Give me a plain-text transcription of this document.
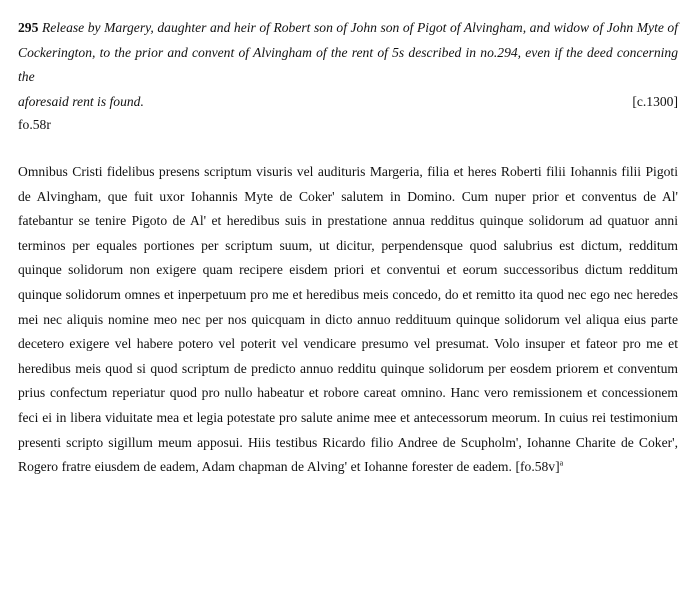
295 Release by Margery, daughter and heir of Robert son of John son of Pigot of Alvingham, and widow of John Myte of Cockerington, to the prior and convent of Alvingham of the rent of 5s described in no.294, even if the deed concerning the

aforesaid rent is found.	[c.1300]

fo.58r

Omnibus Cristi fidelibus presens scriptum visuris vel audituris Margeria, filia et heres Roberti filii Iohannis filii Pigoti de Alvingham, que fuit uxor Iohannis Myte de Coker' salutem in Domino. Cum nuper prior et conventus de Al' fatebantur se tenire Pigoto de Al' et heredibus suis in prestatione annua redditus quinque solidorum ad quatuor anni terminos per equales portiones per scriptum suum, ut dicitur, perpendensque quod salubrius est dictum, redditum quinque solidorum non exigere quam recipere eisdem priori et conventui et eorum successoribus dictum redditum quinque solidorum omnes et inperpetuum pro me et heredibus meis concedo, do et remitto ita quod nec ego nec heredes mei nec aliquis nomine meo nec per nos quicquam in dicto annuo reddituum quinque solidorum vel aliqua eius parte decetero exigere vel habere potero vel poterit vel vendicare presumo vel presumat. Volo insuper et fateor pro me et heredibus meis quod si quod scriptum de predicto annuo redditu quinque solidorum per eosdem priorem et conventum prius confectum reperiatur quod pro nullo habeatur et robore careat omnino. Hanc vero remissionem et concessionem feci ei in libera viduitate mea et legia potestate pro salute anime mee et antecessorum meorum. In cuius rei testimonium presenti scripto sigillum meum apposui. Hiis testibus Ricardo filio Andree de Scupholm', Iohanne Charite de Coker', Rogero fratre eiusdem de eadem, Adam chapman de Alving' et Iohanne forester de eadem. $[fo.58v]^a$
